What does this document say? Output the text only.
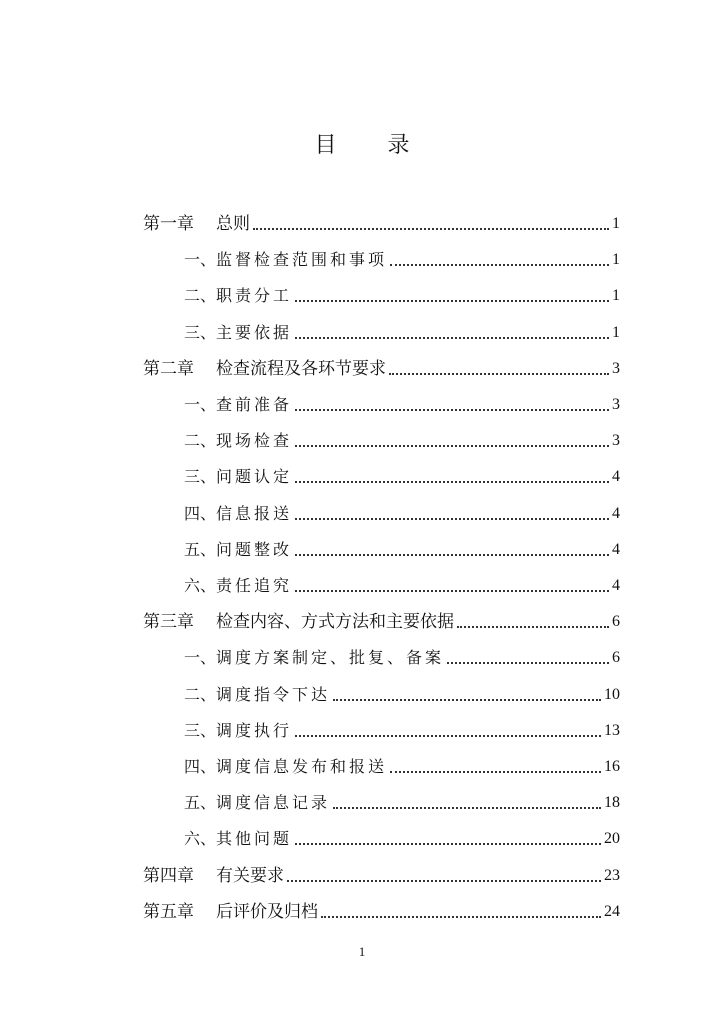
目 录
第一章 总则	1
一、 监督检查范围和事项	1
二、 职责分工	1
三、 主要依据	1
第二章 检查流程及各环节要求	3
一、 查前准备	3
二、 现场检查	3
三、 问题认定	4
四、 信息报送	4
五、 问题整改	4
六、 责任追究	4
第三章 检查内容、方式方法和主要依据	6
一、 调度方案制定、批复、备案	6
二、 调度指令下达	10
三、 调度执行	13
四、 调度信息发布和报送	16
五、 调度信息记录	18
六、 其他问题	20
第四章 有关要求	23
第五章 后评价及归档	24
1
